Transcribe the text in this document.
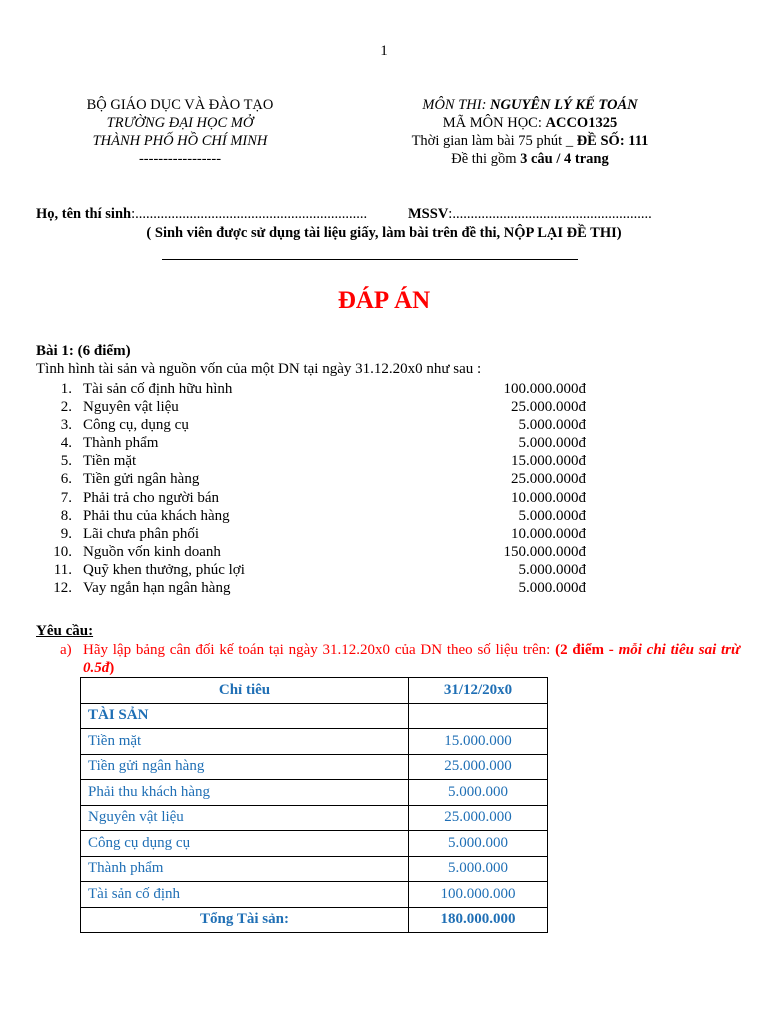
1
BỘ GIÁO DỤC VÀ ĐÀO TẠO
TRƯỜNG ĐẠI HỌC MỞ
THÀNH PHỐ HỒ CHÍ MINH
-----------------
MÔN THI: NGUYÊN LÝ KẾ TOÁN
MÃ MÔN HỌC: ACCO1325
Thời gian làm bài 75 phút _ ĐỀ SỐ: 111
Đề thi gồm 3 câu / 4 trang
Họ, tên thí sinh:................................................................	MSSV:.......................................................
( Sinh viên được sử dụng tài liệu giấy, làm bài trên đề thi, NỘP LẠI ĐỀ THI)
ĐÁP ÁN
Bài 1: (6 điểm)
Tình hình tài sản và nguồn vốn của một DN tại ngày 31.12.20x0 như sau :
1. Tài sản cố định hữu hình	100.000.000đ
2. Nguyên vật liệu	25.000.000đ
3. Công cụ, dụng cụ	5.000.000đ
4. Thành phẩm	5.000.000đ
5. Tiền mặt	15.000.000đ
6. Tiền gửi ngân hàng	25.000.000đ
7. Phải trả cho người bán	10.000.000đ
8. Phải thu của khách hàng	5.000.000đ
9. Lãi chưa phân phối	10.000.000đ
10. Nguồn vốn kinh doanh	150.000.000đ
11. Quỹ khen thưởng, phúc lợi	5.000.000đ
12. Vay ngắn hạn ngân hàng	5.000.000đ
Yêu cầu:
a) Hãy lập bảng cân đối kế toán tại ngày 31.12.20x0 của DN theo số liệu trên: (2 điểm - mỗi chi tiêu sai trừ 0.5đ)
Chỉ tiêu	31/12/20x0
TÀI SẢN	
Tiền mặt	15.000.000
Tiền gửi ngân hàng	25.000.000
Phải thu khách hàng	5.000.000
Nguyên vật liệu	25.000.000
Công cụ dụng cụ	5.000.000
Thành phẩm	5.000.000
Tài sản cố định	100.000.000
Tổng Tài sản:	180.000.000
